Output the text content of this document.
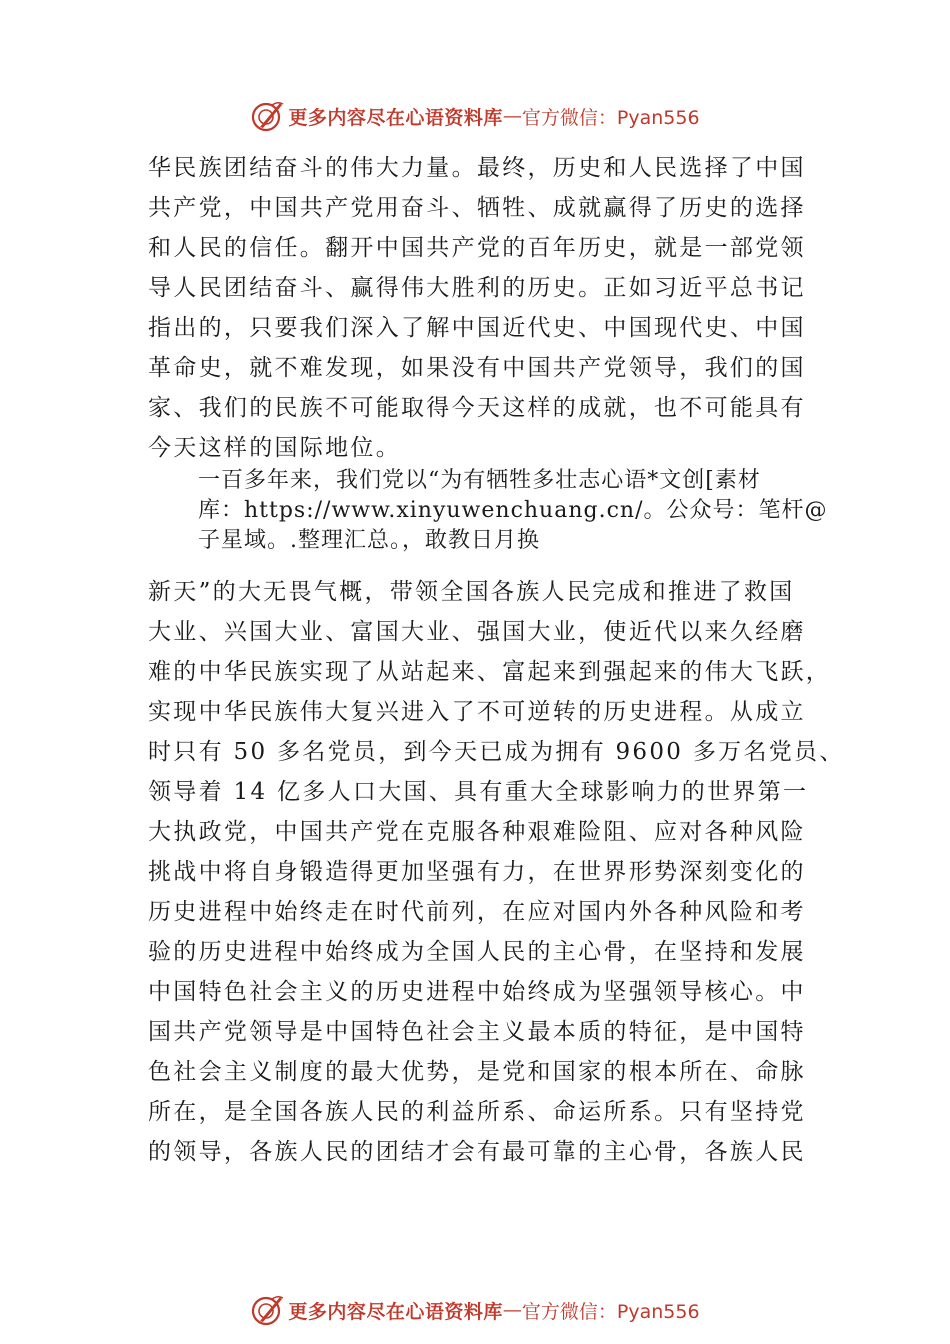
更多内容尽在心语资料库 — 官方微信：Pyan556
华民族团结奋斗的伟大力量。最终，历史和人民选择了中国
共产党，中国共产党用奋斗、牺牲、成就赢得了历史的选择
和人民的信任。翻开中国共产党的百年历史，就是一部党领
导人民团结奋斗、赢得伟大胜利的历史。正如习近平总书记
指出的，只要我们深入了解中国近代史、中国现代史、中国
革命史，就不难发现，如果没有中国共产党领导，我们的国
家、我们的民族不可能取得今天这样的成就，也不可能具有
今天这样的国际地位。
一百多年来，我们党以“为有牺牲多壮志心语*文创[素材
库：https://www.xinyuwenchuang.cn/。公众号：笔杆@
子星域。.整理汇总。，敢教日月换
新天”的大无畏气概，带领全国各族人民完成和推进了救国
大业、兴国大业、富国大业、强国大业，使近代以来久经磨
难的中华民族实现了从站起来、富起来到强起来的伟大飞跃，
实现中华民族伟大复兴进入了不可逆转的历史进程。从成立
时只有 50 多名党员，到今天已成为拥有 9600 多万名党员、
领导着 14 亿多人口大国、具有重大全球影响力的世界第一
大执政党，中国共产党在克服各种艰难险阻、应对各种风险
挑战中将自身锻造得更加坚强有力，在世界形势深刻变化的
历史进程中始终走在时代前列，在应对国内外各种风险和考
验的历史进程中始终成为全国人民的主心骨，在坚持和发展
中国特色社会主义的历史进程中始终成为坚强领导核心。中
国共产党领导是中国特色社会主义最本质的特征，是中国特
色社会主义制度的最大优势，是党和国家的根本所在、命脉
所在，是全国各族人民的利益所系、命运所系。只有坚持党
的领导，各族人民的团结才会有最可靠的主心骨，各族人民
更多内容尽在心语资料库 — 官方微信：Pyan556
